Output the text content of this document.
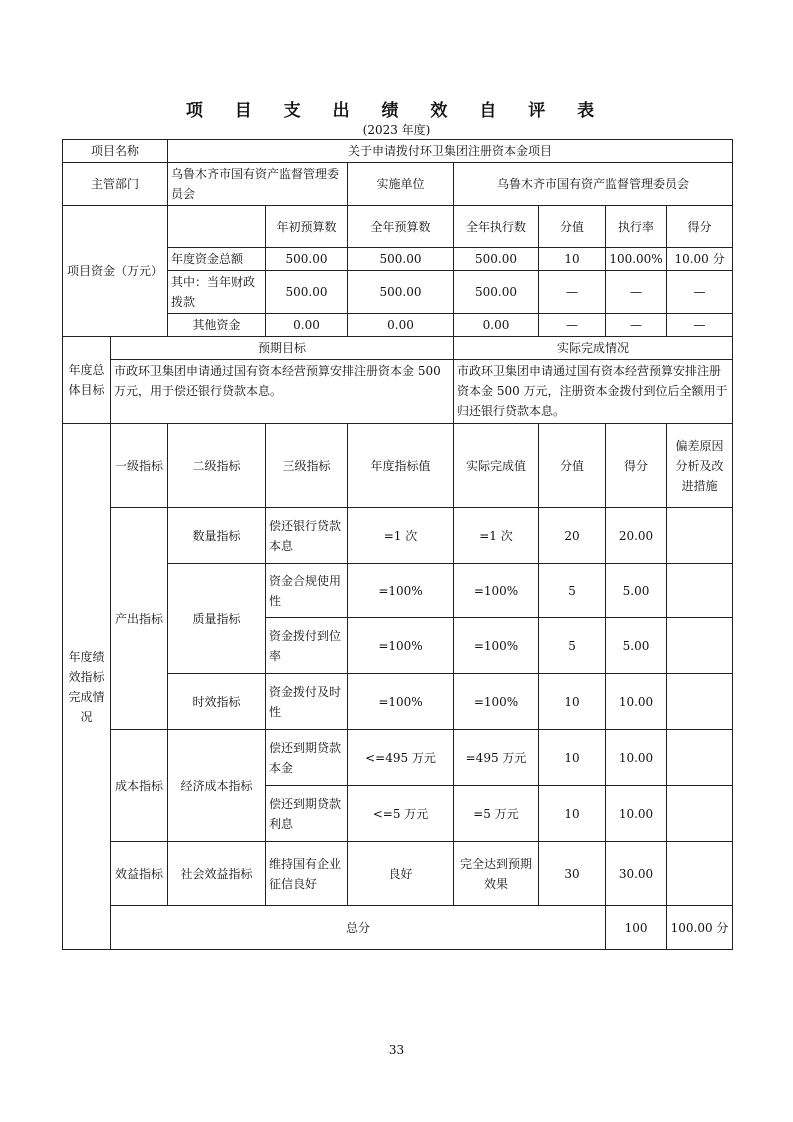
项 目 支 出 绩 效 自 评 表
(2023 年度)
项目名称		关于申请拨付环卫集团注册资本金项目							
主管部门		乌鲁木齐市国有资产监督管理委员会		实施单位	乌鲁木齐市国有资产监督管理委员会				
项目资金（万元）			年初预算数	全年预算数	全年执行数	分值	执行率	得分	
		年度资金总额	500.00	500.00	500.00	10	100.00%	10.00 分	
		其中：当年财政拨款	500.00	500.00	500.00	—	—	—	
		其他资金	0.00	0.00	0.00	—	—	—	
年度总体目标	预期目标				实际完成情况				
	市政环卫集团申请通过国有资本经营预算安排注册资本金 500 万元，用于偿还银行贷款本息。				市政环卫集团申请通过国有资本经营预算安排注册资本金 500 万元，注册资本金拨付到位后全额用于归还银行贷款本息。				
年度绩效指标完成情况	一级指标	二级指标	三级指标	年度指标值	实际完成值	分值	得分	偏差原因分析及改进措施	
	产出指标	数量指标	偿还银行贷款本息	=1 次	=1 次	20	20.00		
		质量指标	资金合规使用性	=100%	=100%	5	5.00		
			资金拨付到位率	=100%	=100%	5	5.00		
		时效指标	资金拨付及时性	=100%	=100%	10	10.00		
	成本指标	经济成本指标	偿还到期贷款本金	<=495 万元	=495 万元	10	10.00		
			偿还到期贷款利息	<=5 万元	=5 万元	10	10.00		
	效益指标	社会效益指标	维持国有企业征信良好	良好	完全达到预期效果	30	30.00		
	总分						100	100.00 分	
33
